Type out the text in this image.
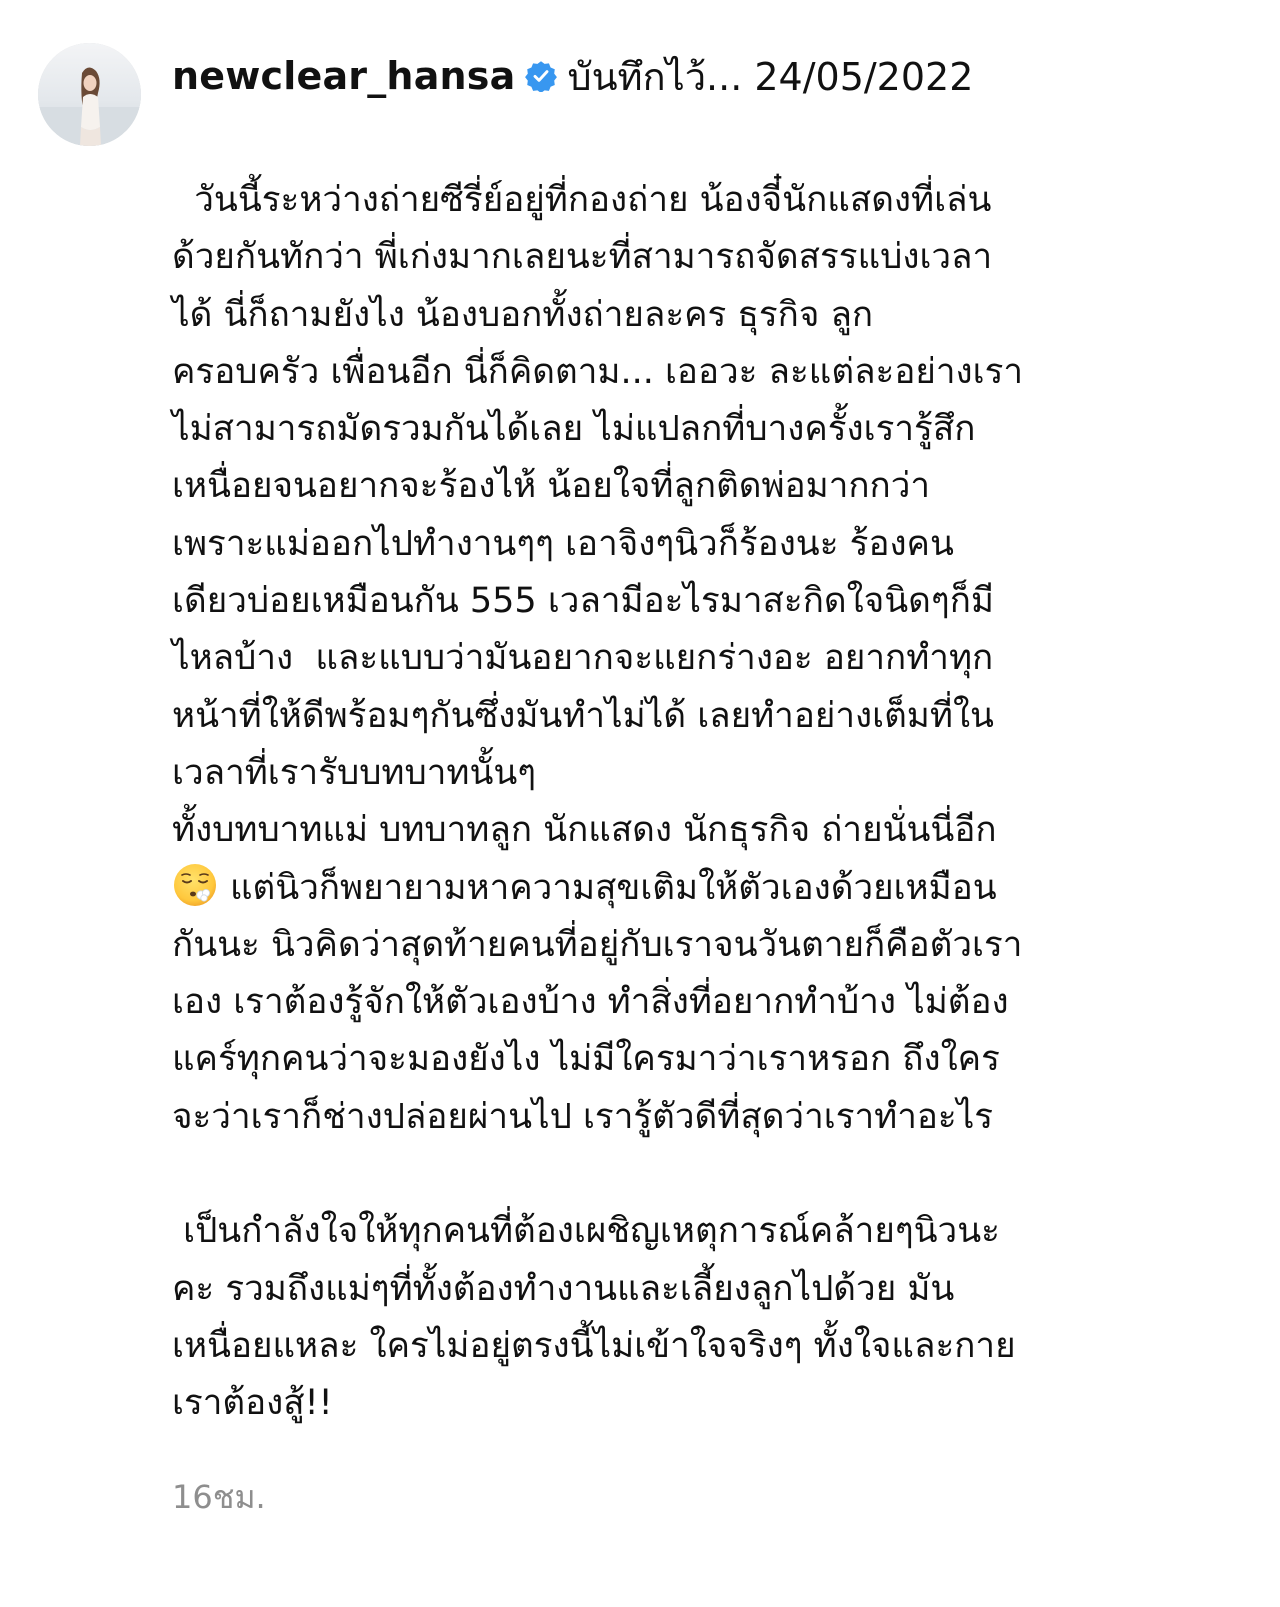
newclear_hansa บันทึกไว้... 24/05/2022
วันนี้ระหว่างถ่ายซีรี่ย์อยู่ที่กองถ่าย น้องจี๋นักแสดงที่เล่น
ด้วยกันทักว่า พี่เก่งมากเลยนะที่สามารถจัดสรรแบ่งเวลา
ได้ นี่ก็ถามยังไง น้องบอกทั้งถ่ายละคร ธุรกิจ ลูก
ครอบครัว เพื่อนอีก นี่ก็คิดตาม... เออวะ ละแต่ละอย่างเรา
ไม่สามารถมัดรวมกันได้เลย ไม่แปลกที่บางครั้งเรารู้สึก
เหนื่อยจนอยากจะร้องไห้ น้อยใจที่ลูกติดพ่อมากกว่า
เพราะแม่ออกไปทำงานๆๆ เอาจิงๆนิวก็ร้องนะ ร้องคน
เดียวบ่อยเหมือนกัน 555 เวลามีอะไรมาสะกิดใจนิดๆก็มี
ไหลบ้าง  และแบบว่ามันอยากจะแยกร่างอะ อยากทำทุก
หน้าที่ให้ดีพร้อมๆกันซึ่งมันทำไม่ได้ เลยทำอย่างเต็มที่ใน
เวลาที่เรารับบทบาทนั้นๆ
ทั้งบทบาทแม่ บทบาทลูก นักแสดง นักธุรกิจ ถ่ายนั่นนี่อีก
แต่นิวก็พยายามหาความสุขเติมให้ตัวเองด้วยเหมือน
กันนะ นิวคิดว่าสุดท้ายคนที่อยู่กับเราจนวันตายก็คือตัวเรา
เอง เราต้องรู้จักให้ตัวเองบ้าง ทำสิ่งที่อยากทำบ้าง ไม่ต้อง
แคร์ทุกคนว่าจะมองยังไง ไม่มีใครมาว่าเราหรอก ถึงใคร
จะว่าเราก็ช่างปล่อยผ่านไป เรารู้ตัวดีที่สุดว่าเราทำอะไร
เป็นกำลังใจให้ทุกคนที่ต้องเผชิญเหตุการณ์คล้ายๆนิวนะ
คะ รวมถึงแม่ๆที่ทั้งต้องทำงานและเลี้ยงลูกไปด้วย มัน
เหนื่อยแหละ ใครไม่อยู่ตรงนี้ไม่เข้าใจจริงๆ ทั้งใจและกาย
เราต้องสู้!!
16ชม.
